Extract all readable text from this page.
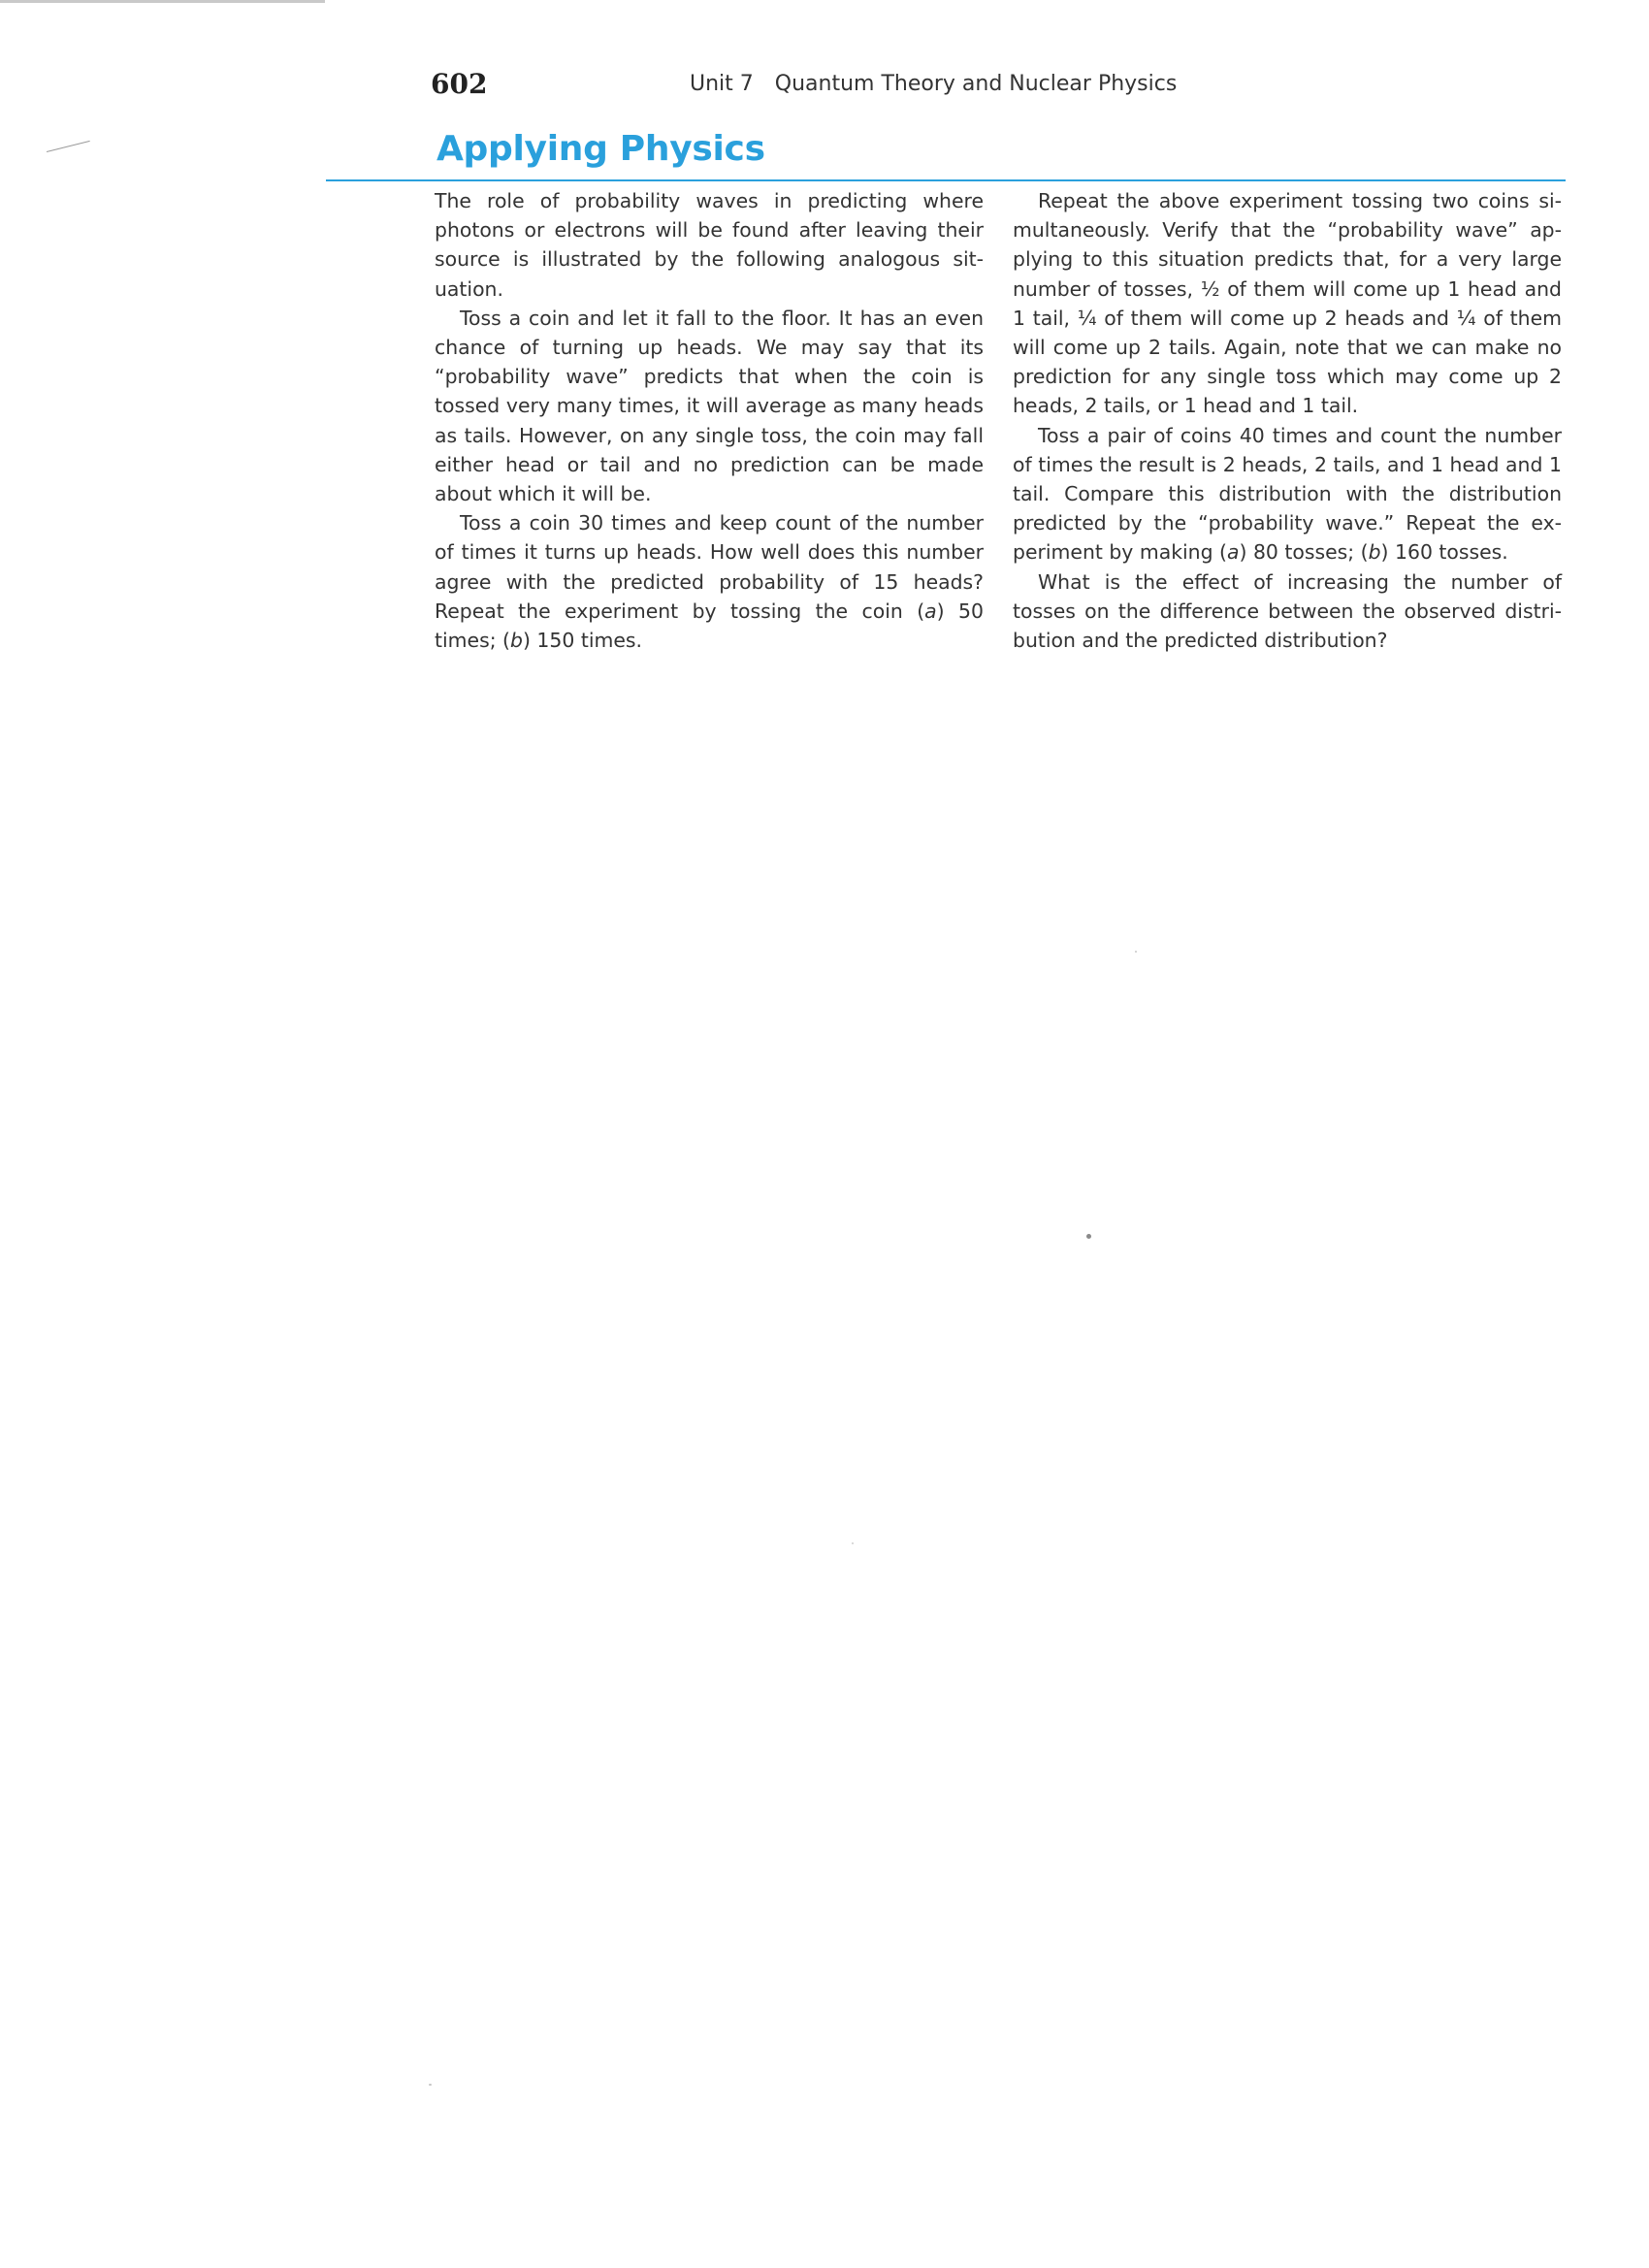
602	Unit 7 Quantum Theory and Nuclear Physics
Applying Physics

The role of probability waves in predicting where photons or electrons will be found after leaving their source is illustrated by the following analogous situation.

Toss a coin and let it fall to the floor. It has an even chance of turning up heads. We may say that its “probability wave” predicts that when the coin is tossed very many times, it will average as many heads as tails. However, on any single toss, the coin may fall either head or tail and no prediction can be made about which it will be.

Toss a coin 30 times and keep count of the number of times it turns up heads. How well does this number agree with the predicted probability of 15 heads? Repeat the experiment by tossing the coin (a) 50 times; (b) 150 times.

Repeat the above experiment tossing two coins simultaneously. Verify that the “probability wave” applying to this situation predicts that, for a very large number of tosses, ½ of them will come up 1 head and 1 tail, ¼ of them will come up 2 heads and ¼ of them will come up 2 tails. Again, note that we can make no prediction for any single toss which may come up 2 heads, 2 tails, or 1 head and 1 tail.

Toss a pair of coins 40 times and count the number of times the result is 2 heads, 2 tails, and 1 head and 1 tail. Compare this distribution with the distribution predicted by the “probability wave.” Repeat the experiment by making (a) 80 tosses; (b) 160 tosses.

What is the effect of increasing the number of tosses on the difference between the observed distribution and the predicted distribution?
